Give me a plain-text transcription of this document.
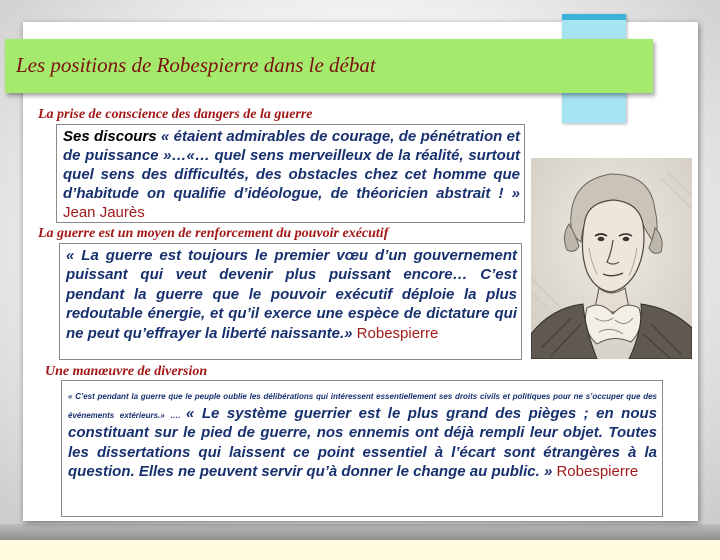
Les positions de Robespierre dans le débat
La prise de conscience des dangers de la guerre
Ses discours « étaient admirables de courage, de pénétration et de puissance »…«… quel sens merveilleux de la réalité, surtout quel sens des difficultés, des obstacles chez cet homme que d’habitude on qualifie d’idéologue, de théoricien abstrait ! » Jean Jaurès
La guerre est un moyen de renforcement du pouvoir exécutif
« La guerre est toujours le premier vœu d’un gouvernement puissant qui veut devenir plus puissant encore… C’est pendant la guerre que le pouvoir exécutif déploie la plus redoutable énergie, et qu’il exerce une espèce de dictature qui ne peut qu’effrayer la liberté naissante.» Robespierre
Une manœuvre de diversion
« C’est pendant la guerre que le peuple oublie les délibérations qui intéressent essentiellement ses droits civils et politiques pour ne s’occuper que des événements extérieurs.» …. « Le système guerrier est le plus grand des pièges ; en nous constituant sur le pied de guerre, nos ennemis ont déjà rempli leur objet. Toutes les dissertations qui laissent ce point essentiel à l’écart sont étrangères à la question. Elles ne peuvent servir qu’à donner le change au public. » Robespierre
